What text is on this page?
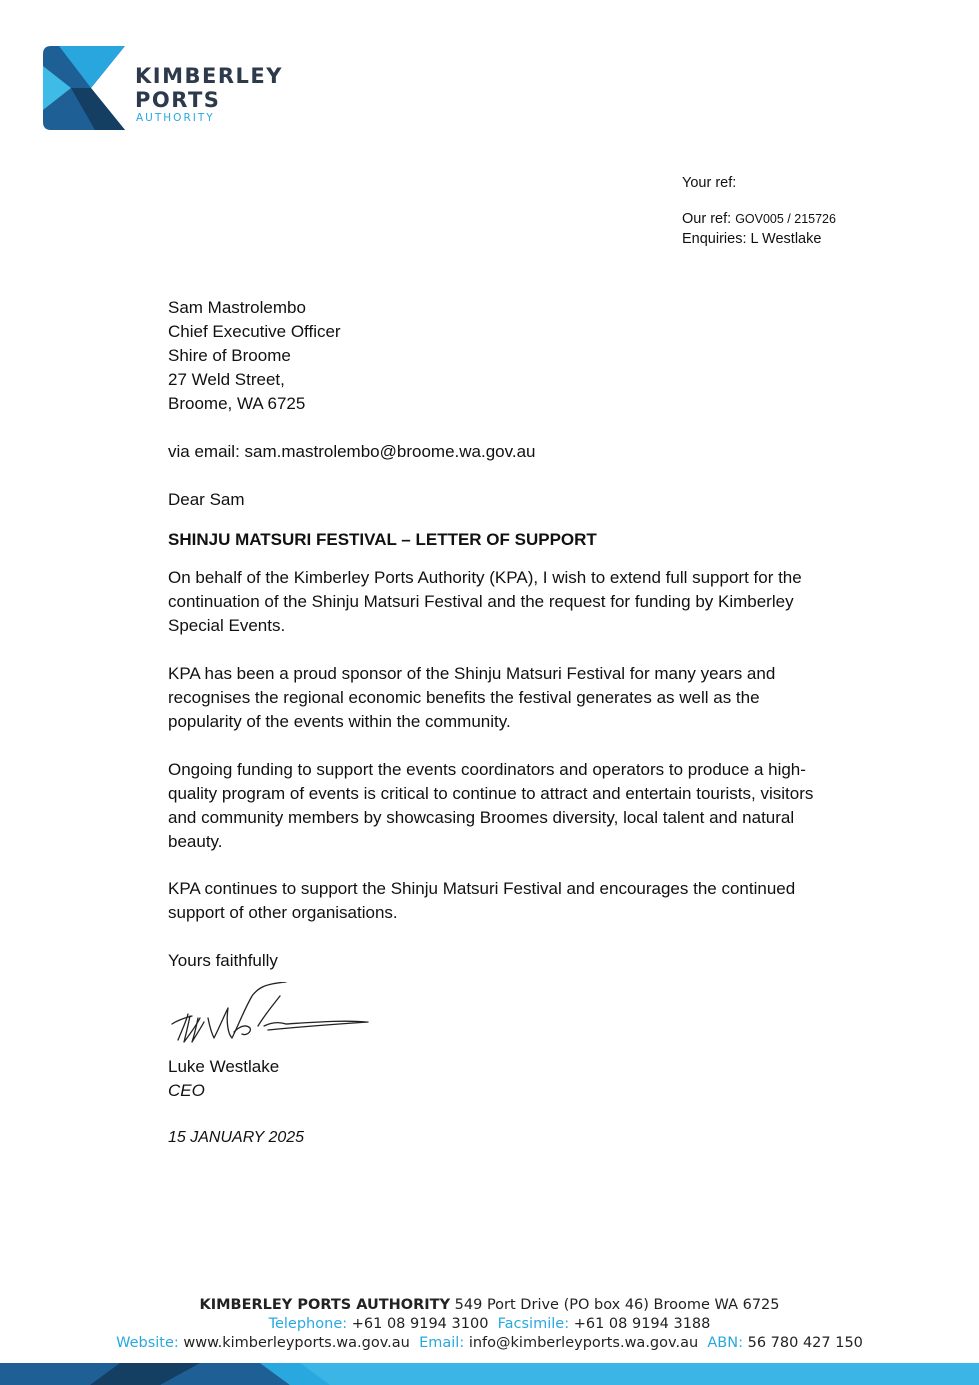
KIMBERLEY
PORTS
AUTHORITY
Your ref:
Our ref: GOV005 / 215726
Enquiries: L Westlake
Sam Mastrolembo
Chief Executive Officer
Shire of Broome
27 Weld Street,
Broome, WA 6725
via email: sam.mastrolembo@broome.wa.gov.au
Dear Sam
SHINJU MATSURI FESTIVAL – LETTER OF SUPPORT
On behalf of the Kimberley Ports Authority (KPA), I wish to extend full support for the
continuation of the Shinju Matsuri Festival and the request for funding by Kimberley
Special Events.
KPA has been a proud sponsor of the Shinju Matsuri Festival for many years and
recognises the regional economic benefits the festival generates as well as the
popularity of the events within the community.
Ongoing funding to support the events coordinators and operators to produce a high-
quality program of events is critical to continue to attract and entertain tourists, visitors
and community members by showcasing Broomes diversity, local talent and natural
beauty.
KPA continues to support the Shinju Matsuri Festival and encourages the continued
support of other organisations.
Yours faithfully
Luke Westlake
CEO
15 JANUARY 2025
KIMBERLEY PORTS AUTHORITY 549 Port Drive (PO box 46) Broome WA 6725
Telephone: +61 08 9194 3100 Facsimile: +61 08 9194 3188
Website: www.kimberleyports.wa.gov.au Email: info@kimberleyports.wa.gov.au ABN: 56 780 427 150
